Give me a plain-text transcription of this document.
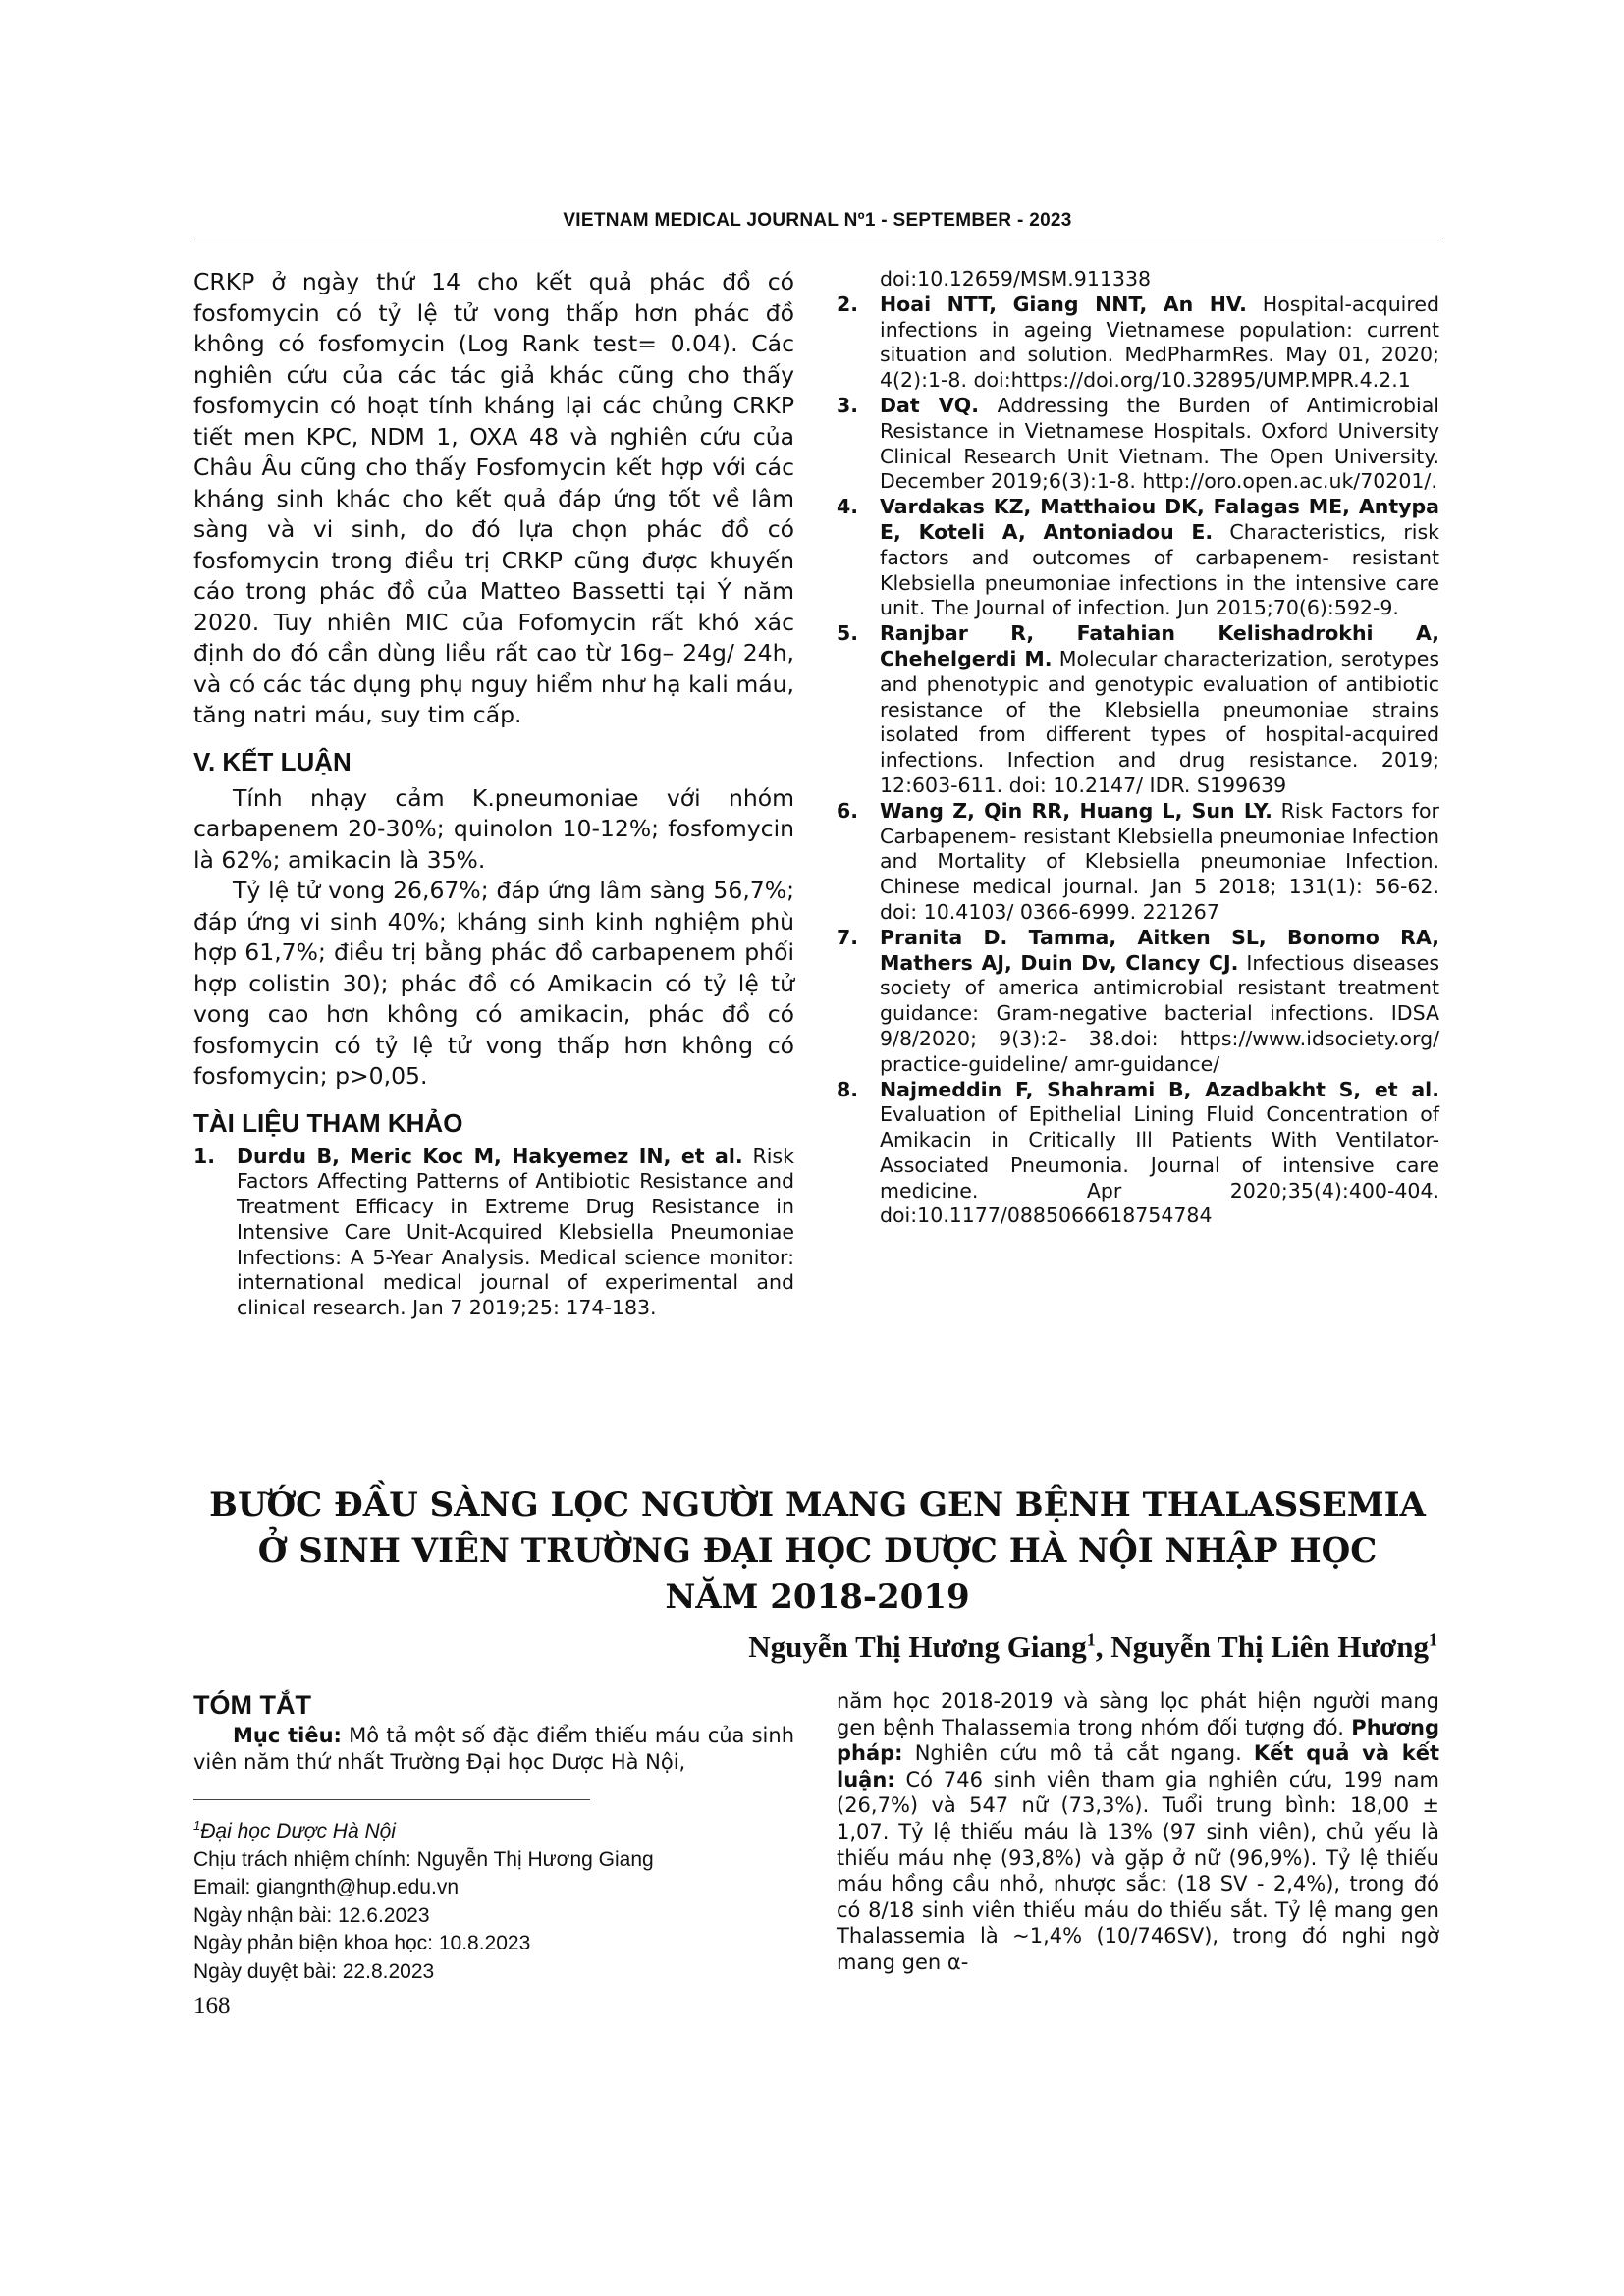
VIETNAM MEDICAL JOURNAL Nº1 - SEPTEMBER - 2023

CRKP ở ngày thứ 14 cho kết quả phác đồ có fosfomycin có tỷ lệ tử vong thấp hơn phác đồ không có fosfomycin (Log Rank test= 0.04). Các nghiên cứu của các tác giả khác cũng cho thấy fosfomycin có hoạt tính kháng lại các chủng CRKP tiết men KPC, NDM 1, OXA 48 và nghiên cứu của Châu Âu cũng cho thấy Fosfomycin kết hợp với các kháng sinh khác cho kết quả đáp ứng tốt về lâm sàng và vi sinh, do đó lựa chọn phác đồ có fosfomycin trong điều trị CRKP cũng được khuyến cáo trong phác đồ của Matteo Bassetti tại Ý năm 2020. Tuy nhiên MIC của Fofomycin rất khó xác định do đó cần dùng liều rất cao từ 16g– 24g/ 24h, và có các tác dụng phụ nguy hiểm như hạ kali máu, tăng natri máu, suy tim cấp.

V. KẾT LUẬN

Tính nhạy cảm K.pneumoniae với nhóm carbapenem 20-30%; quinolon 10-12%; fosfomycin là 62%; amikacin là 35%.

Tỷ lệ tử vong 26,67%; đáp ứng lâm sàng 56,7%; đáp ứng vi sinh 40%; kháng sinh kinh nghiệm phù hợp 61,7%; điều trị bằng phác đồ carbapenem phối hợp colistin 30); phác đồ có Amikacin có tỷ lệ tử vong cao hơn không có amikacin, phác đồ có fosfomycin có tỷ lệ tử vong thấp hơn không có fosfomycin; p>0,05.

TÀI LIỆU THAM KHẢO
1.	Durdu B, Meric Koc M, Hakyemez IN, et al. Risk Factors Affecting Patterns of Antibiotic Resistance and Treatment Efficacy in Extreme Drug Resistance in Intensive Care Unit-Acquired Klebsiella Pneumoniae Infections: A 5-Year Analysis. Medical science monitor: international medical journal of experimental and clinical research. Jan 7 2019;25: 174-183.
doi:10.12659/MSM.911338
2.	Hoai NTT, Giang NNT, An HV. Hospital-acquired infections in ageing Vietnamese population: current situation and solution. MedPharmRes. May 01, 2020; 4(2):1-8. doi:https://doi.org/10.32895/UMP.MPR.4.2.1
3.	Dat VQ. Addressing the Burden of Antimicrobial Resistance in Vietnamese Hospitals. Oxford University Clinical Research Unit Vietnam. The Open University. December 2019;6(3):1-8. http://oro.open.ac.uk/70201/.
4.	Vardakas KZ, Matthaiou DK, Falagas ME, Antypa E, Koteli A, Antoniadou E. Characteristics, risk factors and outcomes of carbapenem- resistant Klebsiella pneumoniae infections in the intensive care unit. The Journal of infection. Jun 2015;70(6):592-9.
5.	Ranjbar R, Fatahian Kelishadrokhi A, Chehelgerdi M. Molecular characterization, serotypes and phenotypic and genotypic evaluation of antibiotic resistance of the Klebsiella pneumoniae strains isolated from different types of hospital-acquired infections. Infection and drug resistance. 2019; 12:603-611. doi: 10.2147/ IDR. S199639
6.	Wang Z, Qin RR, Huang L, Sun LY. Risk Factors for Carbapenem- resistant Klebsiella pneumoniae Infection and Mortality of Klebsiella pneumoniae Infection. Chinese medical journal. Jan 5 2018; 131(1): 56-62. doi: 10.4103/ 0366-6999. 221267
7.	Pranita D. Tamma, Aitken SL, Bonomo RA, Mathers AJ, Duin Dv, Clancy CJ. Infectious diseases society of america antimicrobial resistant treatment guidance: Gram-negative bacterial infections. IDSA 9/8/2020; 9(3):2- 38.doi: https://www.idsociety.org/ practice-guideline/ amr-guidance/
8.	Najmeddin F, Shahrami B, Azadbakht S, et al. Evaluation of Epithelial Lining Fluid Concentration of Amikacin in Critically Ill Patients With Ventilator-Associated Pneumonia. Journal of intensive care medicine. Apr 2020;35(4):400-404. doi:10.1177/0885066618754784
BƯỚC ĐẦU SÀNG LỌC NGƯỜI MANG GEN BỆNH THALASSEMIA
Ở SINH VIÊN TRƯỜNG ĐẠI HỌC DƯỢC HÀ NỘI NHẬP HỌC
NĂM 2018-2019
Nguyễn Thị Hương Giang$^1$, Nguyễn Thị Liên Hương$^1$
TÓM TẮT

Mục tiêu: Mô tả một số đặc điểm thiếu máu của sinh viên năm thứ nhất Trường Đại học Dược Hà Nội,

$^1$Đại học Dược Hà Nội
Chịu trách nhiệm chính: Nguyễn Thị Hương Giang
Email: giangnth@hup.edu.vn
Ngày nhận bài: 12.6.2023
Ngày phản biện khoa học: 10.8.2023
Ngày duyệt bài: 22.8.2023

năm học 2018-2019 và sàng lọc phát hiện người mang gen bệnh Thalassemia trong nhóm đối tượng đó. Phương pháp: Nghiên cứu mô tả cắt ngang. Kết quả và kết luận: Có 746 sinh viên tham gia nghiên cứu, 199 nam (26,7%) và 547 nữ (73,3%). Tuổi trung bình: 18,00 ± 1,07. Tỷ lệ thiếu máu là 13% (97 sinh viên), chủ yếu là thiếu máu nhẹ (93,8%) và gặp ở nữ (96,9%). Tỷ lệ thiếu máu hồng cầu nhỏ, nhược sắc: (18 SV - 2,4%), trong đó có 8/18 sinh viên thiếu máu do thiếu sắt. Tỷ lệ mang gen Thalassemia là ~1,4% (10/746SV), trong đó nghi ngờ mang gen α-

168
